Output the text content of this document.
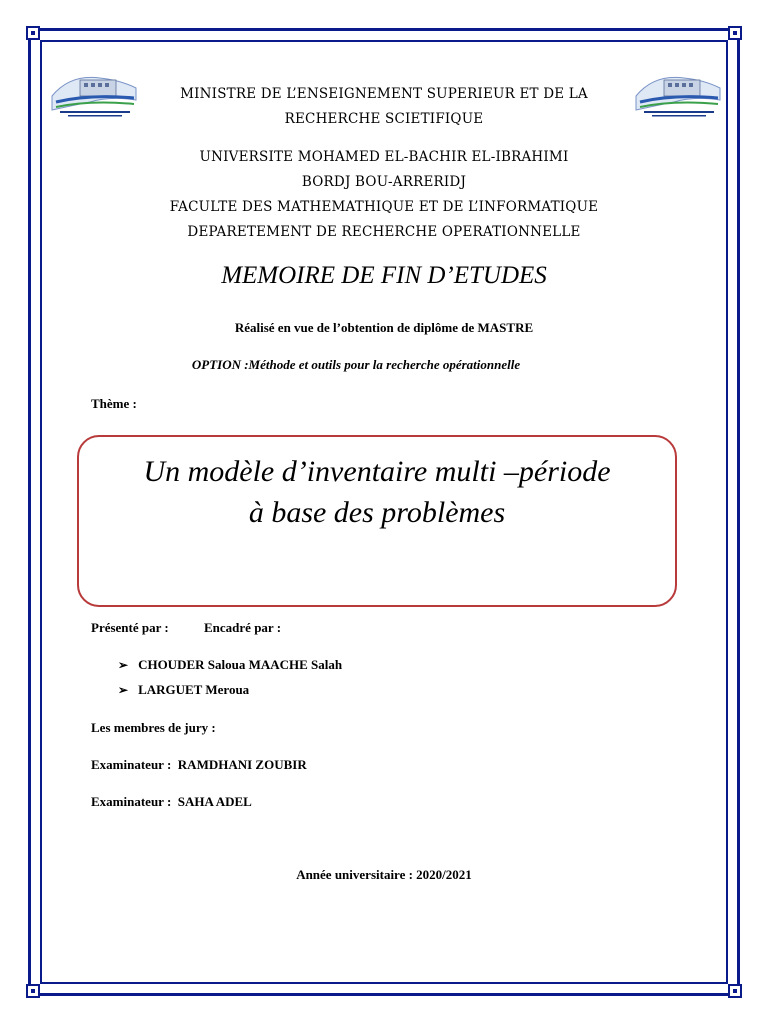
MINISTRE DE L’ENSEIGNEMENT SUPERIEUR ET DE LA
RECHERCHE SCIETIFIQUE
UNIVERSITE MOHAMED EL-BACHIR EL-IBRAHIMI
BORDJ BOU-ARRERIDJ
FACULTE DES MATHEMATHIQUE ET DE L’INFORMATIQUE
DEPARETEMENT DE RECHERCHE OPERATIONNELLE
MEMOIRE DE FIN D’ETUDES
Réalisé en vue de l’obtention de diplôme de MASTRE
OPTION :Méthode et outils pour la recherche opérationnelle
Thème :
Un modèle d’inventaire multi –période
à base des problèmes
Présenté par :	Encadré par :
➢ CHOUDER Saloua MAACHE Salah
➢ LARGUET Meroua
Les membres de jury :
Examinateur : RAMDHANI ZOUBIR
Examinateur : SAHA ADEL
Année universitaire : 2020/2021
